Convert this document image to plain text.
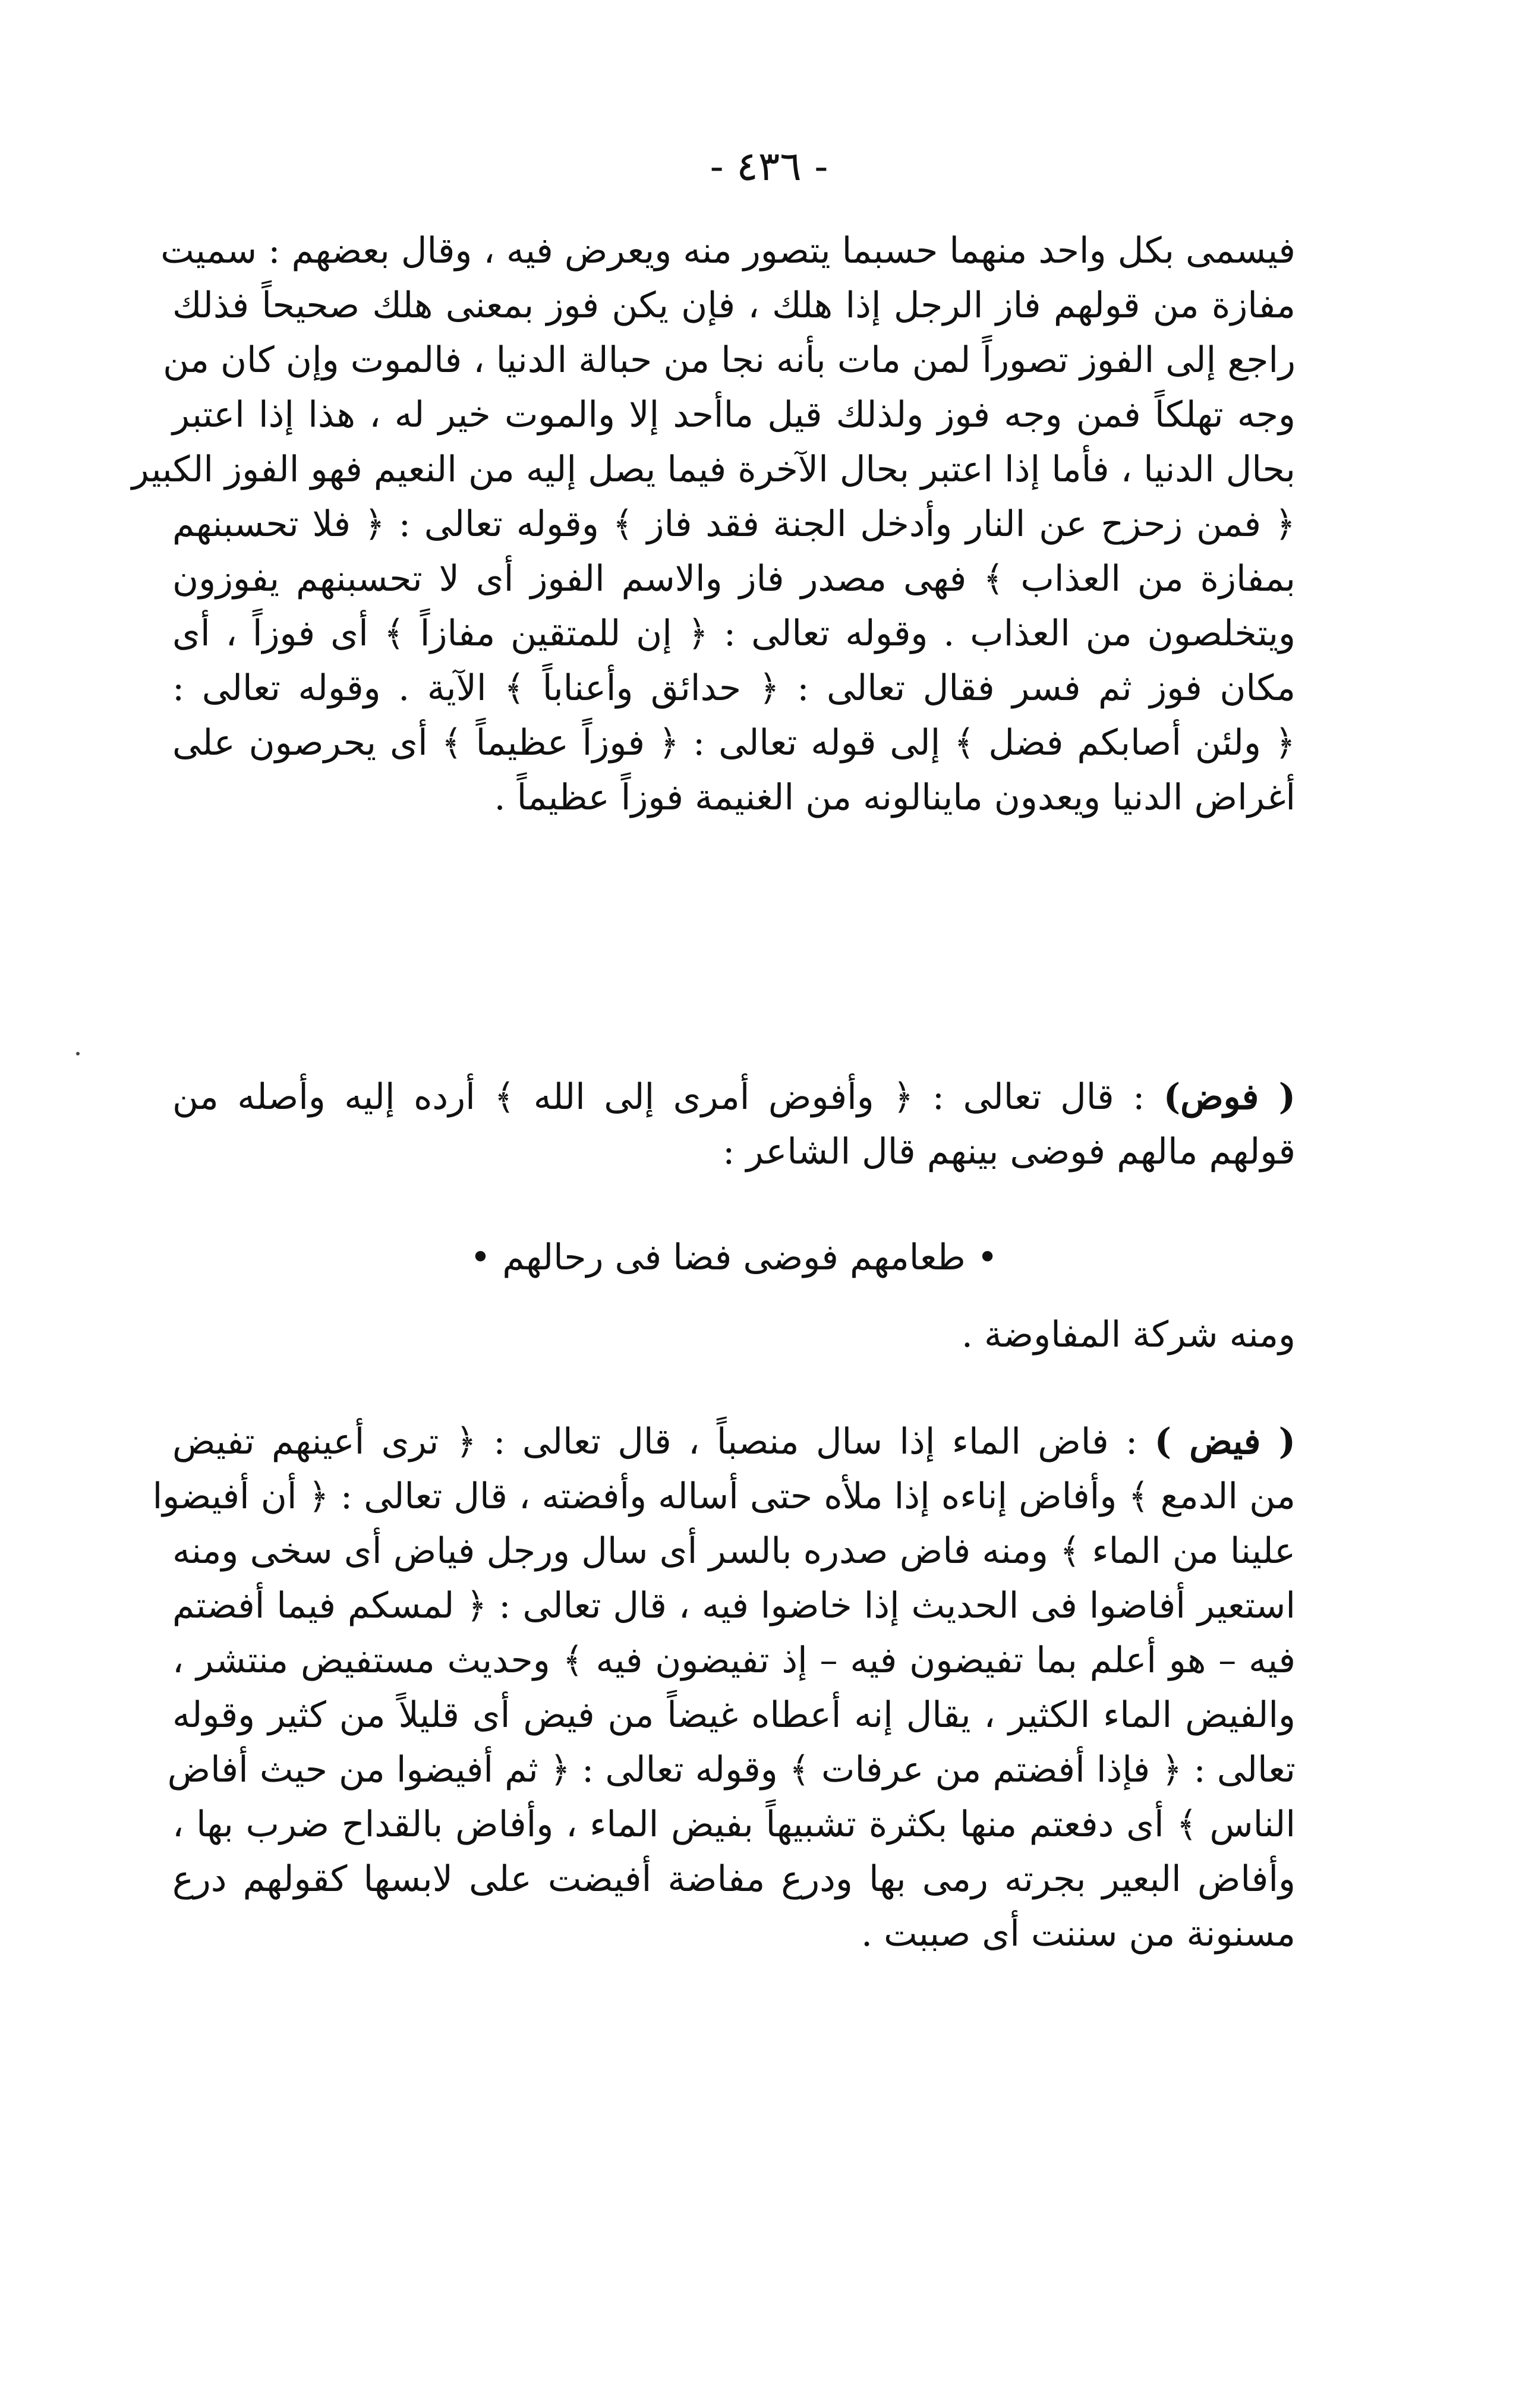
- ٤٣٦ -
فيسمى بكل واحد منهما حسبما يتصور منه ويعرض فيه ، وقال بعضهم : سميت
مفازة من قولهم فاز الرجل إذا هلك ، فإن يكن فوز بمعنى هلك صحيحاً فذلك
راجع إلى الفوز تصوراً لمن مات بأنه نجا من حبالة الدنيا ، فالموت وإن كان من
وجه تهلكاً فمن وجه فوز ولذلك قيل ماأحد إلا والموت خير له ، هذا إذا اعتبر
بحال الدنيا ، فأما إذا اعتبر بحال الآخرة فيما يصل إليه من النعيم فهو الفوز الكبير
﴿ فمن زحزح عن النار وأدخل الجنة فقد فاز ﴾ وقوله تعالى : ﴿ فلا تحسبنهم
بمفازة من العذاب ﴾ فهى مصدر فاز والاسم الفوز أى لا تحسبنهم يفوزون
ويتخلصون من العذاب . وقوله تعالى : ﴿ إن للمتقين مفازاً ﴾ أى فوزاً ، أى
مكان فوز ثم فسر فقال تعالى : ﴿ حدائق وأعناباً ﴾ الآية . وقوله تعالى :
﴿ ولئن أصابكم فضل ﴾ إلى قوله تعالى : ﴿ فوزاً عظيماً ﴾ أى يحرصون على
أغراض الدنيا ويعدون ماينالونه من الغنيمة فوزاً عظيماً .
( فوض) : قال تعالى : ﴿ وأفوض أمرى إلى الله ﴾ أرده إليه وأصله من
قولهم مالهم فوضى بينهم قال الشاعر :
• طعامهم فوضى فضا فى رحالهم •
ومنه شركة المفاوضة .
( فيض ) : فاض الماء إذا سال منصباً ، قال تعالى : ﴿ ترى أعينهم تفيض
من الدمع ﴾ وأفاض إناءه إذا ملأه حتى أساله وأفضته ، قال تعالى : ﴿ أن أفيضوا
علينا من الماء ﴾ ومنه فاض صدره بالسر أى سال ورجل فياض أى سخى ومنه
استعير أفاضوا فى الحديث إذا خاضوا فيه ، قال تعالى : ﴿ لمسكم فيما أفضتم
فيه – هو أعلم بما تفيضون فيه – إذ تفيضون فيه ﴾ وحديث مستفيض منتشر ،
والفيض الماء الكثير ، يقال إنه أعطاه غيضاً من فيض أى قليلاً من كثير وقوله
تعالى : ﴿ فإذا أفضتم من عرفات ﴾ وقوله تعالى : ﴿ ثم أفيضوا من حيث أفاض
الناس ﴾ أى دفعتم منها بكثرة تشبيهاً بفيض الماء ، وأفاض بالقداح ضرب بها ،
وأفاض البعير بجرته رمى بها ودرع مفاضة أفيضت على لابسها كقولهم درع
مسنونة من سننت أى صببت .
